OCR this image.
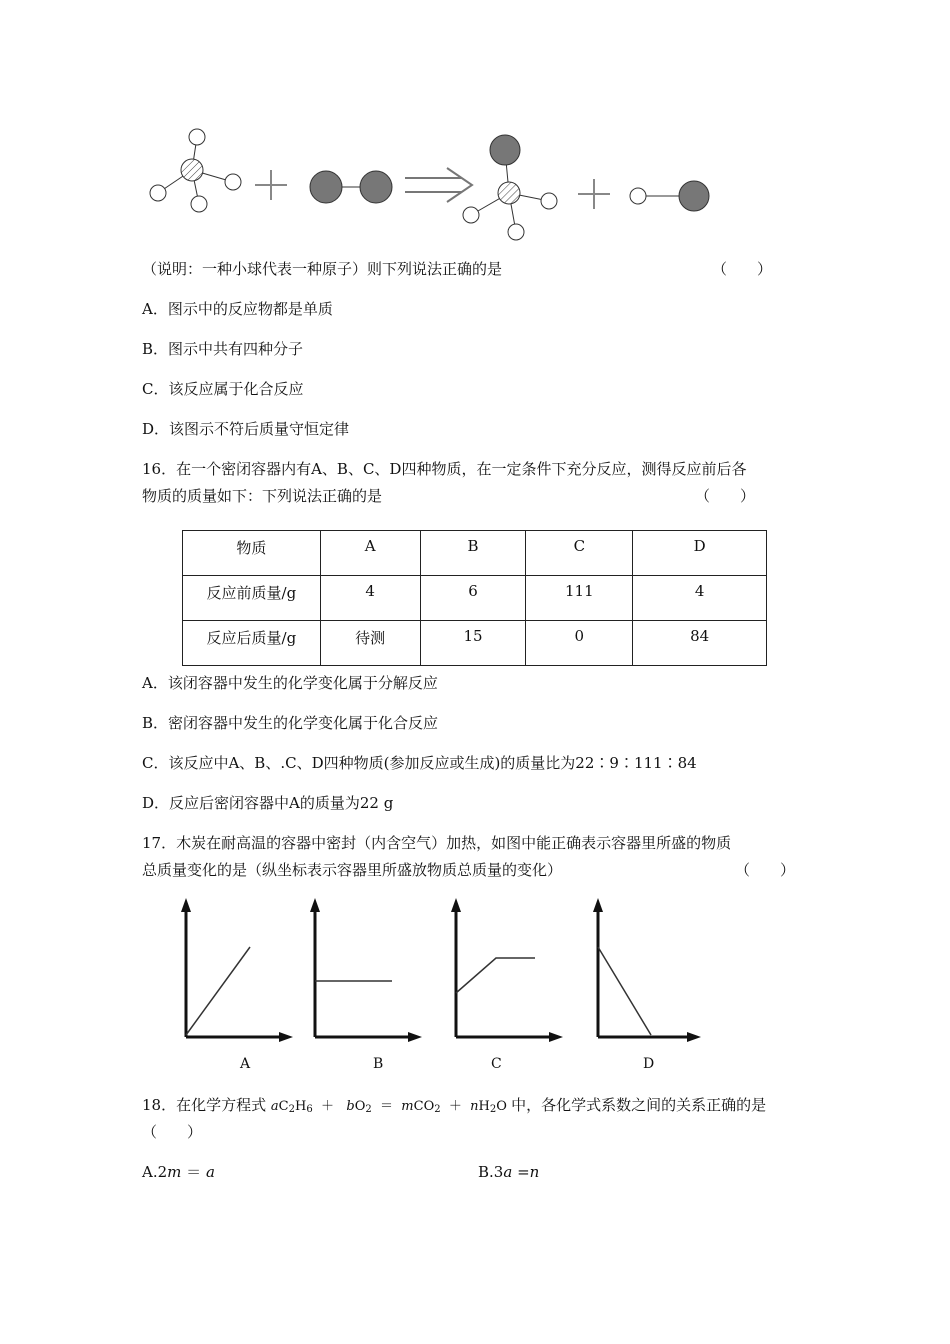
（说明：一种小球代表一种原子）则下列说法正确的是	（　　）
A．图示中的反应物都是单质
B．图示中共有四种分子
C．该反应属于化合反应
D．该图示不符后质量守恒定律
16．在一个密闭容器内有A、B、C、D四种物质，在一定条件下充分反应，测得反应前后各
物质的质量如下：下列说法正确的是	（　　）
物质	A	B	C	D
反应前质量/g	4	6	111	4
反应后质量/g	待测	15	0	84
A．该闭容器中发生的化学变化属于分解反应
B．密闭容器中发生的化学变化属于化合反应
C．该反应中A、B、.C、D四种物质(参加反应或生成)的质量比为22∶9∶111∶84
D．反应后密闭容器中A的质量为22 g
17．木炭在耐高温的容器中密封（内含空气）加热，如图中能正确表示容器里所盛的物质
总质量变化的是（纵坐标表示容器里所盛放物质总质量的变化）	（　　）
A	B	C	D
18．在化学方程式 $aC_2H_6 + bO_2 = mCO_2 + nH_2O$ 中，各化学式系数之间的关系正确的是
（　　）
A.2m ＝ a	B.3a =n
